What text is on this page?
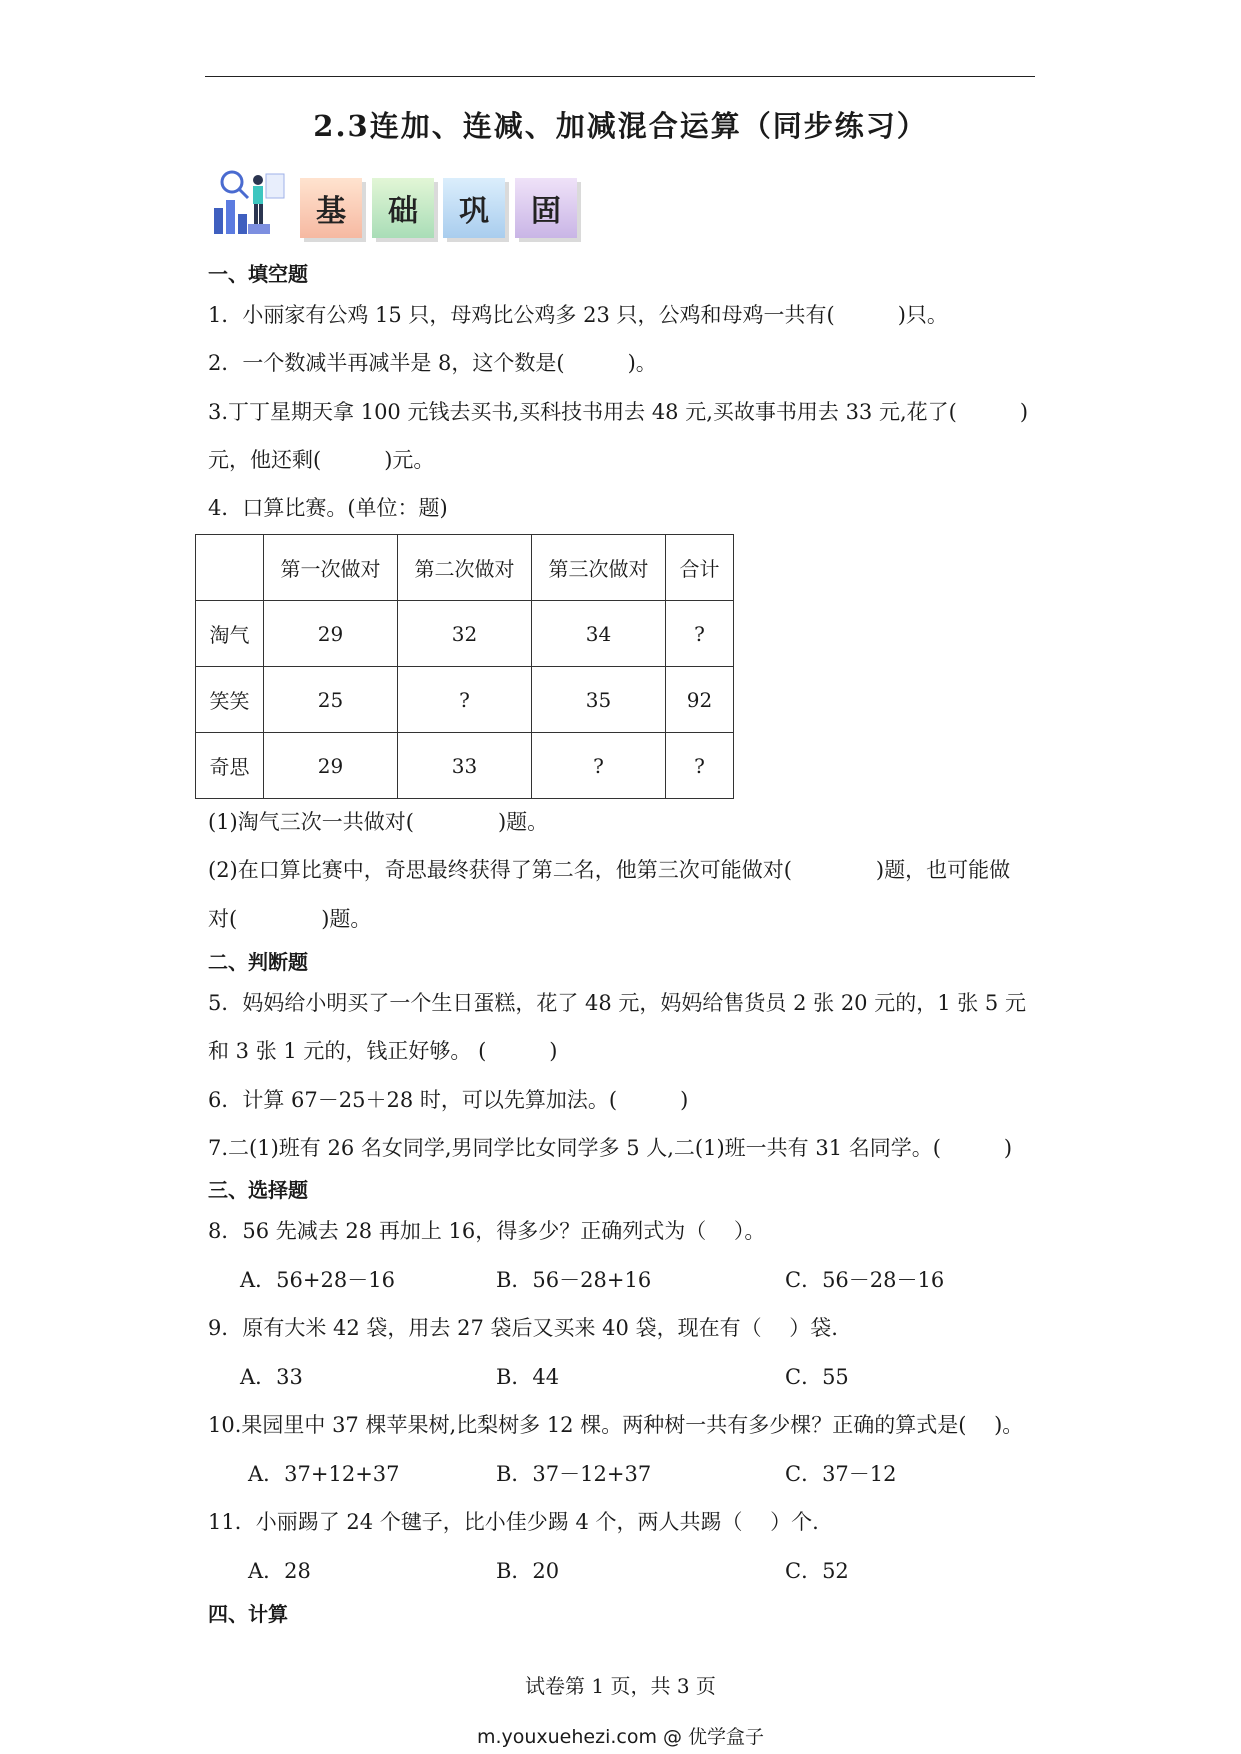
2.3连加、连减、加减混合运算（同步练习）
基	础	巩	固
一、填空题
1．小丽家有公鸡 15 只，母鸡比公鸡多 23 只，公鸡和母鸡一共有(　　　)只。
2．一个数减半再减半是 8，这个数是(　　　)。
3.丁丁星期天拿 100 元钱去买书,买科技书用去 48 元,买故事书用去 33 元,花了(　　　)
元，他还剩(　　　)元。
4．口算比赛。(单位：题)
	第一次做对	第二次做对	第三次做对	合计
淘气	29	32	34	?
笑笑	25	?	35	92
奇思	29	33	?	?
(1)淘气三次一共做对(　　　　)题。
(2)在口算比赛中，奇思最终获得了第二名，他第三次可能做对(　　　　)题，也可能做
对(　　　　)题。
二、判断题
5．妈妈给小明买了一个生日蛋糕，花了 48 元，妈妈给售货员 2 张 20 元的，1 张 5 元
和 3 张 1 元的，钱正好够。 (　　　)
6．计算 67－25＋28 时，可以先算加法。(　　　)
7.二(1)班有 26 名女同学,男同学比女同学多 5 人,二(1)班一共有 31 名同学。(　　　)
三、选择题
8．56 先减去 28 再加上 16，得多少？正确列式为（　 ）。
A．56+28－16	B．56－28+16	C．56－28－16
9．原有大米 42 袋，用去 27 袋后又买来 40 袋，现在有（　 ）袋.
A．33	B．44	C．55
10.果园里中 37 棵苹果树,比梨树多 12 棵。两种树一共有多少棵？正确的算式是(　 )。
A．37+12+37	B．37－12+37	C．37－12
11．小丽踢了 24 个毽子，比小佳少踢 4 个，两人共踢（　 ）个.
A．28	B．20	C．52
四、计算
试卷第 1 页，共 3 页
m.youxuehezi.com @ 优学盒子
